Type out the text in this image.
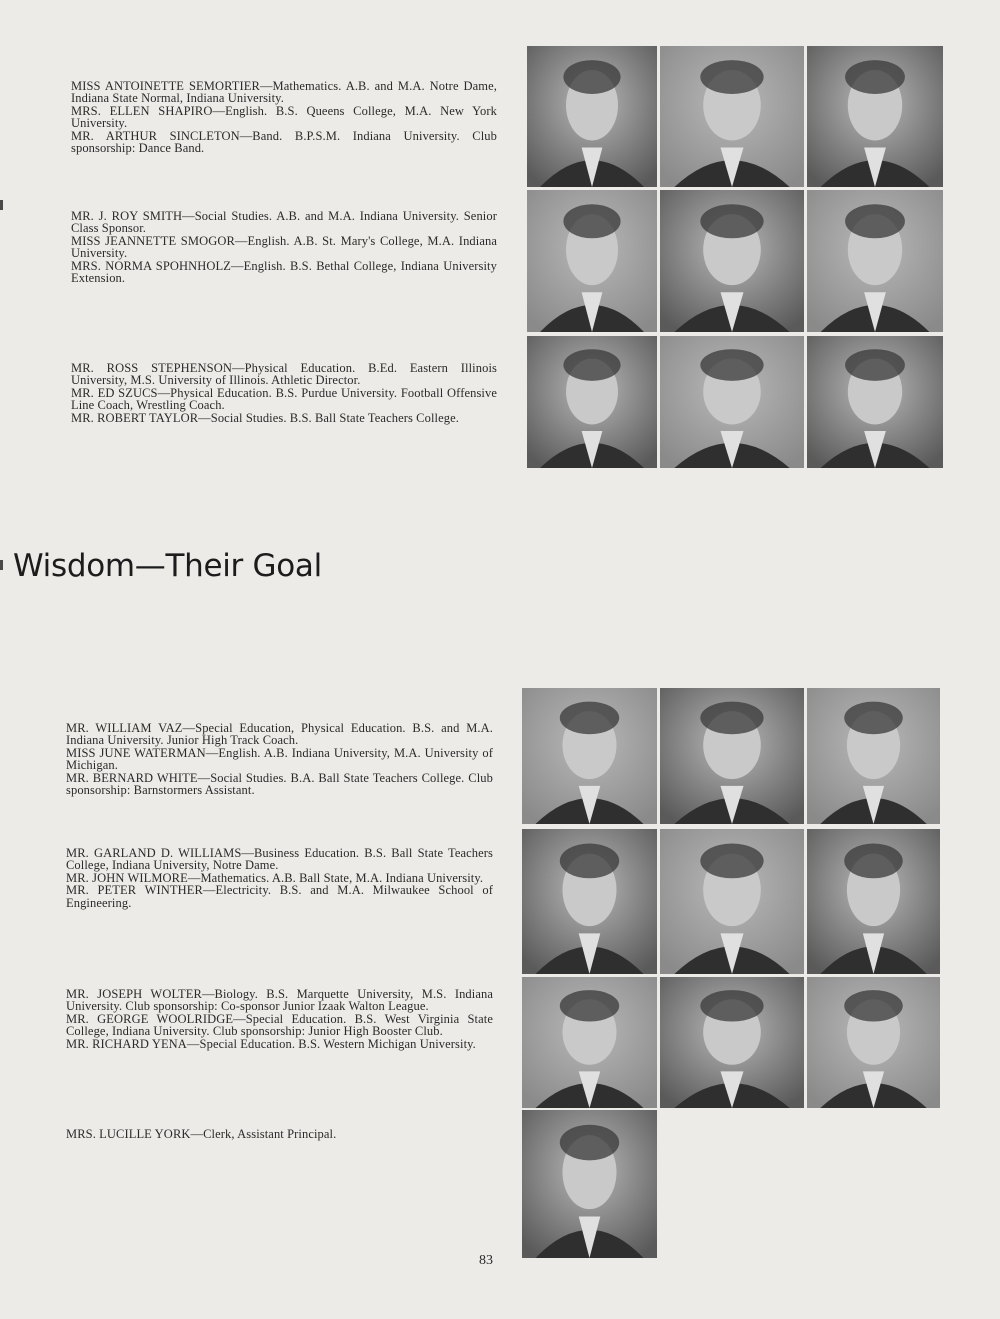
MISS ANTOINETTE SEMORTIER—Mathematics. A.B. and M.A. Notre Dame, Indiana State Normal, Indiana University.

MRS. ELLEN SHAPIRO—English. B.S. Queens College, M.A. New York University.

MR. ARTHUR SINCLETON—Band. B.P.S.M. Indiana University. Club sponsorship: Dance Band.

MR. J. ROY SMITH—Social Studies. A.B. and M.A. Indiana University. Senior Class Sponsor.

MISS JEANNETTE SMOGOR—English. A.B. St. Mary's College, M.A. Indiana University.

MRS. NORMA SPOHNHOLZ—English. B.S. Bethal College, Indiana University Extension.

MR. ROSS STEPHENSON—Physical Education. B.Ed. Eastern Illinois University, M.S. University of Illinois. Athletic Director.

MR. ED SZUCS—Physical Education. B.S. Purdue University. Football Offensive Line Coach, Wrestling Coach.

MR. ROBERT TAYLOR—Social Studies. B.S. Ball State Teachers College.

Wisdom—Their Goal

MR. WILLIAM VAZ—Special Education, Physical Education. B.S. and M.A. Indiana University. Junior High Track Coach.

MISS JUNE WATERMAN—English. A.B. Indiana University, M.A. University of Michigan.

MR. BERNARD WHITE—Social Studies. B.A. Ball State Teachers College. Club sponsorship: Barnstormers Assistant.

MR. GARLAND D. WILLIAMS—Business Education. B.S. Ball State Teachers College, Indiana University, Notre Dame.

MR. JOHN WILMORE—Mathematics. A.B. Ball State, M.A. Indiana University.

MR. PETER WINTHER—Electricity. B.S. and M.A. Milwaukee School of Engineering.

MR. JOSEPH WOLTER—Biology. B.S. Marquette University, M.S. Indiana University. Club sponsorship: Co-sponsor Junior Izaak Walton League.

MR. GEORGE WOOLRIDGE—Special Education. B.S. West Virginia State College, Indiana University. Club sponsorship: Junior High Booster Club.

MR. RICHARD YENA—Special Education. B.S. Western Michigan University.

MRS. LUCILLE YORK—Clerk, Assistant Principal.

83
